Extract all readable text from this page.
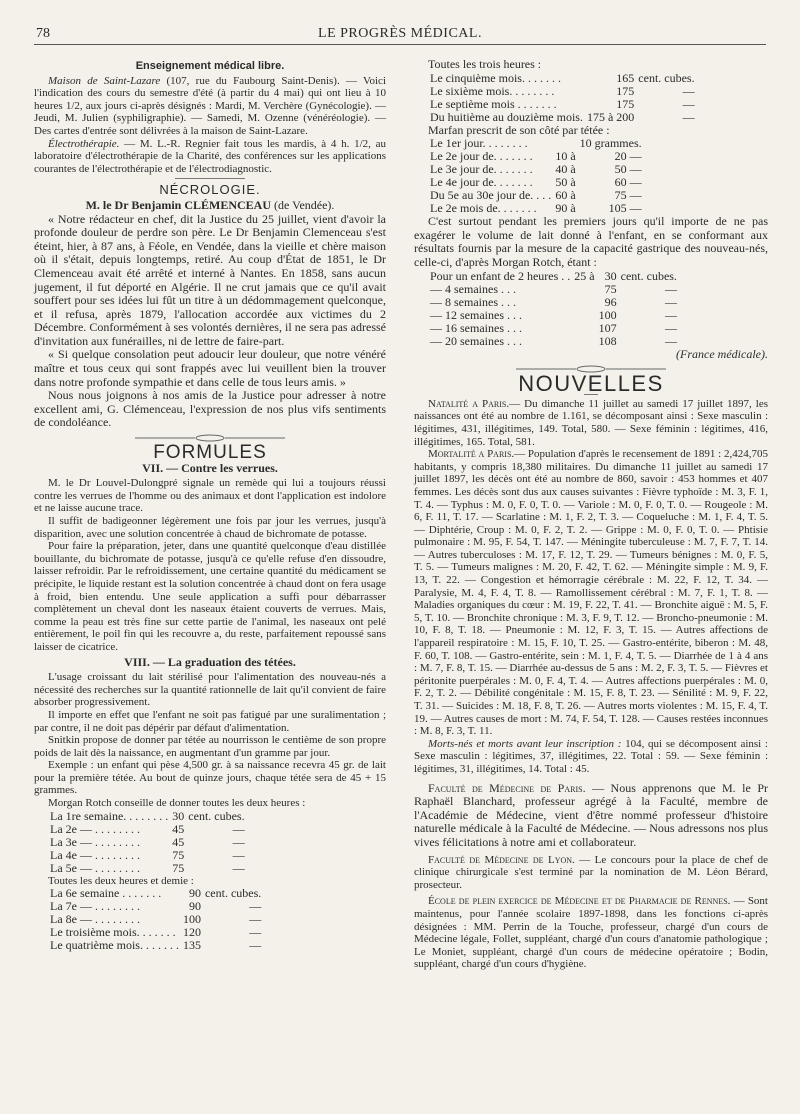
78	LE PROGRÈS MÉDICAL.
Enseignement médical libre.

Maison de Saint-Lazare (107, rue du Faubourg Saint-Denis). — Voici l'indication des cours du semestre d'été (à partir du 4 mai) qui ont lieu à 10 heures 1/2, aux jours ci-après désignés : Mardi, M. Verchère (Gynécologie). — Jeudi, M. Julien (syphiligraphie). — Samedi, M. Ozenne (vénéréologie). — Des cartes d'entrée sont délivrées à la maison de Saint-Lazare.

Électrothérapie. — M. L.-R. Regnier fait tous les mardis, à 4 h. 1/2, au laboratoire d'électrothérapie de la Charité, des conférences sur les applications courantes de l'électrothérapie et de l'électrodiagnostic.

NÉCROLOGIE.

M. le Dr Benjamin CLÉMENCEAU (de Vendée).

« Notre rédacteur en chef, dit la Justice du 25 juillet, vient d'avoir la profonde douleur de perdre son père. Le Dr Benjamin Clemenceau s'est éteint, hier, à 87 ans, à Féole, en Vendée, dans la vieille et chère maison où il s'était, depuis longtemps, retiré. Au coup d'État de 1851, le Dr Clemenceau avait été arrêté et interné à Nantes. En 1858, sans aucun jugement, il fut déporté en Algérie. Il ne crut jamais que ce qu'il avait souffert pour ses idées lui fût un titre à un dédommagement quelconque, et il refusa, après 1879, l'allocation accordée aux victimes du 2 Décembre. Conformément à ses volontés dernières, il ne sera pas adressé d'invitation aux funérailles, ni de lettre de faire-part.

« Si quelque consolation peut adoucir leur douleur, que notre vénéré maître et tous ceux qui sont frappés avec lui veuillent bien la trouver dans notre profonde sympathie et dans celle de tous leurs amis. »

Nous nous joignons à nos amis de la Justice pour adresser à notre excellent ami, G. Clémenceau, l'expression de nos plus vifs sentiments de condoléance.

FORMULES
VII. — Contre les verrues.

M. le Dr Louvel-Dulongpré signale un remède qui lui a toujours réussi contre les verrues de l'homme ou des animaux et dont l'application est indolore et ne laisse aucune trace.

Il suffit de badigeonner légèrement une fois par jour les verrues, jusqu'à disparition, avec une solution concentrée à chaud de bichromate de potasse.

Pour faire la préparation, jeter, dans une quantité quelconque d'eau distillée bouillante, du bichromate de potasse, jusqu'à ce qu'elle refuse d'en dissoudre, laisser refroidir. Par le refroidissement, une certaine quantité du médicament se précipite, le liquide restant est la solution concentrée à chaud dont on fera usage à froid, bien entendu. Une seule application a suffi pour débarrasser complètement un cheval dont les naseaux étaient couverts de verrues. Mais, comme la peau est très fine sur cette partie de l'animal, les naseaux ont pelé entièrement, le poil fin qui les recouvre a, du reste, parfaitement repoussé sans laisser de cicatrice.

VIII. — La graduation des tétées.

L'usage croissant du lait stérilisé pour l'alimentation des nouveau-nés a nécessité des recherches sur la quantité rationnelle de lait qu'il convient de faire absorber progressivement.

Il importe en effet que l'enfant ne soit pas fatigué par une suralimentation ; par contre, il ne doit pas dépérir par défaut d'alimentation.

Snitkin propose de donner par tétée au nourrisson le centième de son propre poids de lait dès la naissance, en augmentant d'un gramme par jour.

Exemple : un enfant qui pèse 4,500 gr. à sa naissance recevra 45 gr. de lait pour la première tétée. Au bout de quinze jours, chaque tétée sera de 45 + 15 grammes.

Morgan Rotch conseille de donner toutes les deux heures :

La 1re semaine. . . . . . . .	30	cent. cubes.
La 2e — . . . . . . . .	45	—
La 3e — . . . . . . . .	45	—
La 4e — . . . . . . . .	75	—
La 5e — . . . . . . . .	75	—

Toutes les deux heures et demie :

La 6e semaine . . . . . . .	90	cent. cubes.
La 7e — . . . . . . . .	90	—
La 8e — . . . . . . . .	100	—
Le troisième mois. . . . . . .	120	—
Le quatrième mois. . . . . . .	135	—

Toutes les trois heures :

Le cinquième mois. . . . . . .	165	cent. cubes.
Le sixième mois. . . . . . . .	175	—
Le septième mois . . . . . . .	175	—
Du huitième au douzième mois.	175 à 200	—

Marfan prescrit de son côté par tétée :

Le 1er jour. . . . . . . .		10 grammes.
Le 2e jour de. . . . . . .	10 à	20 —
Le 3e jour de. . . . . . .	40 à	50 —
Le 4e jour de. . . . . . .	50 à	60 —
Du 5e au 30e jour de. . . .	60 à	75 —
Le 2e mois de. . . . . . .	90 à	105 —

C'est surtout pendant les premiers jours qu'il importe de ne pas exagérer le volume de lait donné à l'enfant, en se conformant aux résultats fournis par la mesure de la capacité gastrique des nouveau-nés, celle-ci, d'après Morgan Rotch, étant :

Pour un enfant de 2 heures . .	25 à	30	cent. cubes.
— 4 semaines . . .		75	—
— 8 semaines . . .		96	—
— 12 semaines . . .		100	—
— 16 semaines . . .		107	—
— 20 semaines . . .		108	—

(France médicale).

NOUVELLES

Natalité a Paris.— Du dimanche 11 juillet au samedi 17 juillet 1897, les naissances ont été au nombre de 1.161, se décomposant ainsi : Sexe masculin : légitimes, 431, illégitimes, 149. Total, 580. — Sexe féminin : légitimes, 416, illégitimes, 165. Total, 581.

Mortalité a Paris.— Population d'après le recensement de 1891 : 2,424,705 habitants, y compris 18,380 militaires. Du dimanche 11 juillet au samedi 17 juillet 1897, les décès ont été au nombre de 860, savoir : 453 hommes et 407 femmes. Les décès sont dus aux causes suivantes : Fièvre typhoïde : M. 3, F. 1, T. 4. — Typhus : M. 0, F. 0, T. 0. — Variole : M. 0, F. 0, T. 0. — Rougeole : M. 6, F. 11, T. 17. — Scarlatine : M. 1, F. 2, T. 3. — Coqueluche : M. 1, F. 4, T. 5. — Diphtérie, Croup : M. 0, F. 2, T. 2. — Grippe : M. 0, F. 0, T. 0. — Phtisie pulmonaire : M. 95, F. 54, T. 147. — Méningite tuberculeuse : M. 7, F. 7, T. 14. — Autres tuberculoses : M. 17, F. 12, T. 29. — Tumeurs bénignes : M. 0, F. 5, T. 5. — Tumeurs malignes : M. 20, F. 42, T. 62. — Méningite simple : M. 9, F. 13, T. 22. — Congestion et hémorragie cérébrale : M. 22, F. 12, T. 34. — Paralysie, M. 4, F. 4, T. 8. — Ramollissement cérébral : M. 7, F. 1, T. 8. — Maladies organiques du cœur : M. 19, F. 22, T. 41. — Bronchite aiguë : M. 5, F. 5, T. 10. — Bronchite chronique : M. 3, F. 9, T. 12. — Broncho-pneumonie : M. 10, F. 8, T. 18. — Pneumonie : M. 12, F. 3, T. 15. — Autres affections de l'appareil respiratoire : M. 15, F. 10, T. 25. — Gastro-entérite, biberon : M. 48, F. 60, T. 108. — Gastro-entérite, sein : M. 1, F. 4, T. 5. — Diarrhée de 1 à 4 ans : M. 7, F. 8, T. 15. — Diarrhée au-dessus de 5 ans : M. 2, F. 3, T. 5. — Fièvres et péritonite puerpérales : M. 0, F. 4, T. 4. — Autres affections puerpérales : M. 0, F. 2, T. 2. — Débilité congénitale : M. 15, F. 8, T. 23. — Sénilité : M. 9, F. 22, T. 31. — Suicides : M. 18, F. 8, T. 26. — Autres morts violentes : M. 15, F. 4, T. 19. — Autres causes de mort : M. 74, F. 54, T. 128. — Causes restées inconnues : M. 8, F. 3, T. 11.

Morts-nés et morts avant leur inscription : 104, qui se décomposent ainsi : Sexe masculin : légitimes, 37, illégitimes, 22. Total : 59. — Sexe féminin : légitimes, 31, illégitimes, 14. Total : 45.

Faculté de Médecine de Paris. — Nous apprenons que M. le Pr Raphaël Blanchard, professeur agrégé à la Faculté, membre de l'Académie de Médecine, vient d'être nommé professeur d'histoire naturelle médicale à la Faculté de Médecine. — Nous adressons nos plus vives félicitations à notre ami et collaborateur.

Faculté de Médecine de Lyon. — Le concours pour la place de chef de clinique chirurgicale s'est terminé par la nomination de M. Léon Bérard, prosecteur.

École de plein exercice de Médecine et de Pharmacie de Rennes. — Sont maintenus, pour l'année scolaire 1897-1898, dans les fonctions ci-après désignées : MM. Perrin de la Touche, professeur, chargé d'un cours de Médecine légale, Follet, suppléant, chargé d'un cours d'anatomie pathologique ; Le Moniet, suppléant, chargé d'un cours de médecine opératoire ; Bodin, suppléant, chargé d'un cours d'hygiène.
